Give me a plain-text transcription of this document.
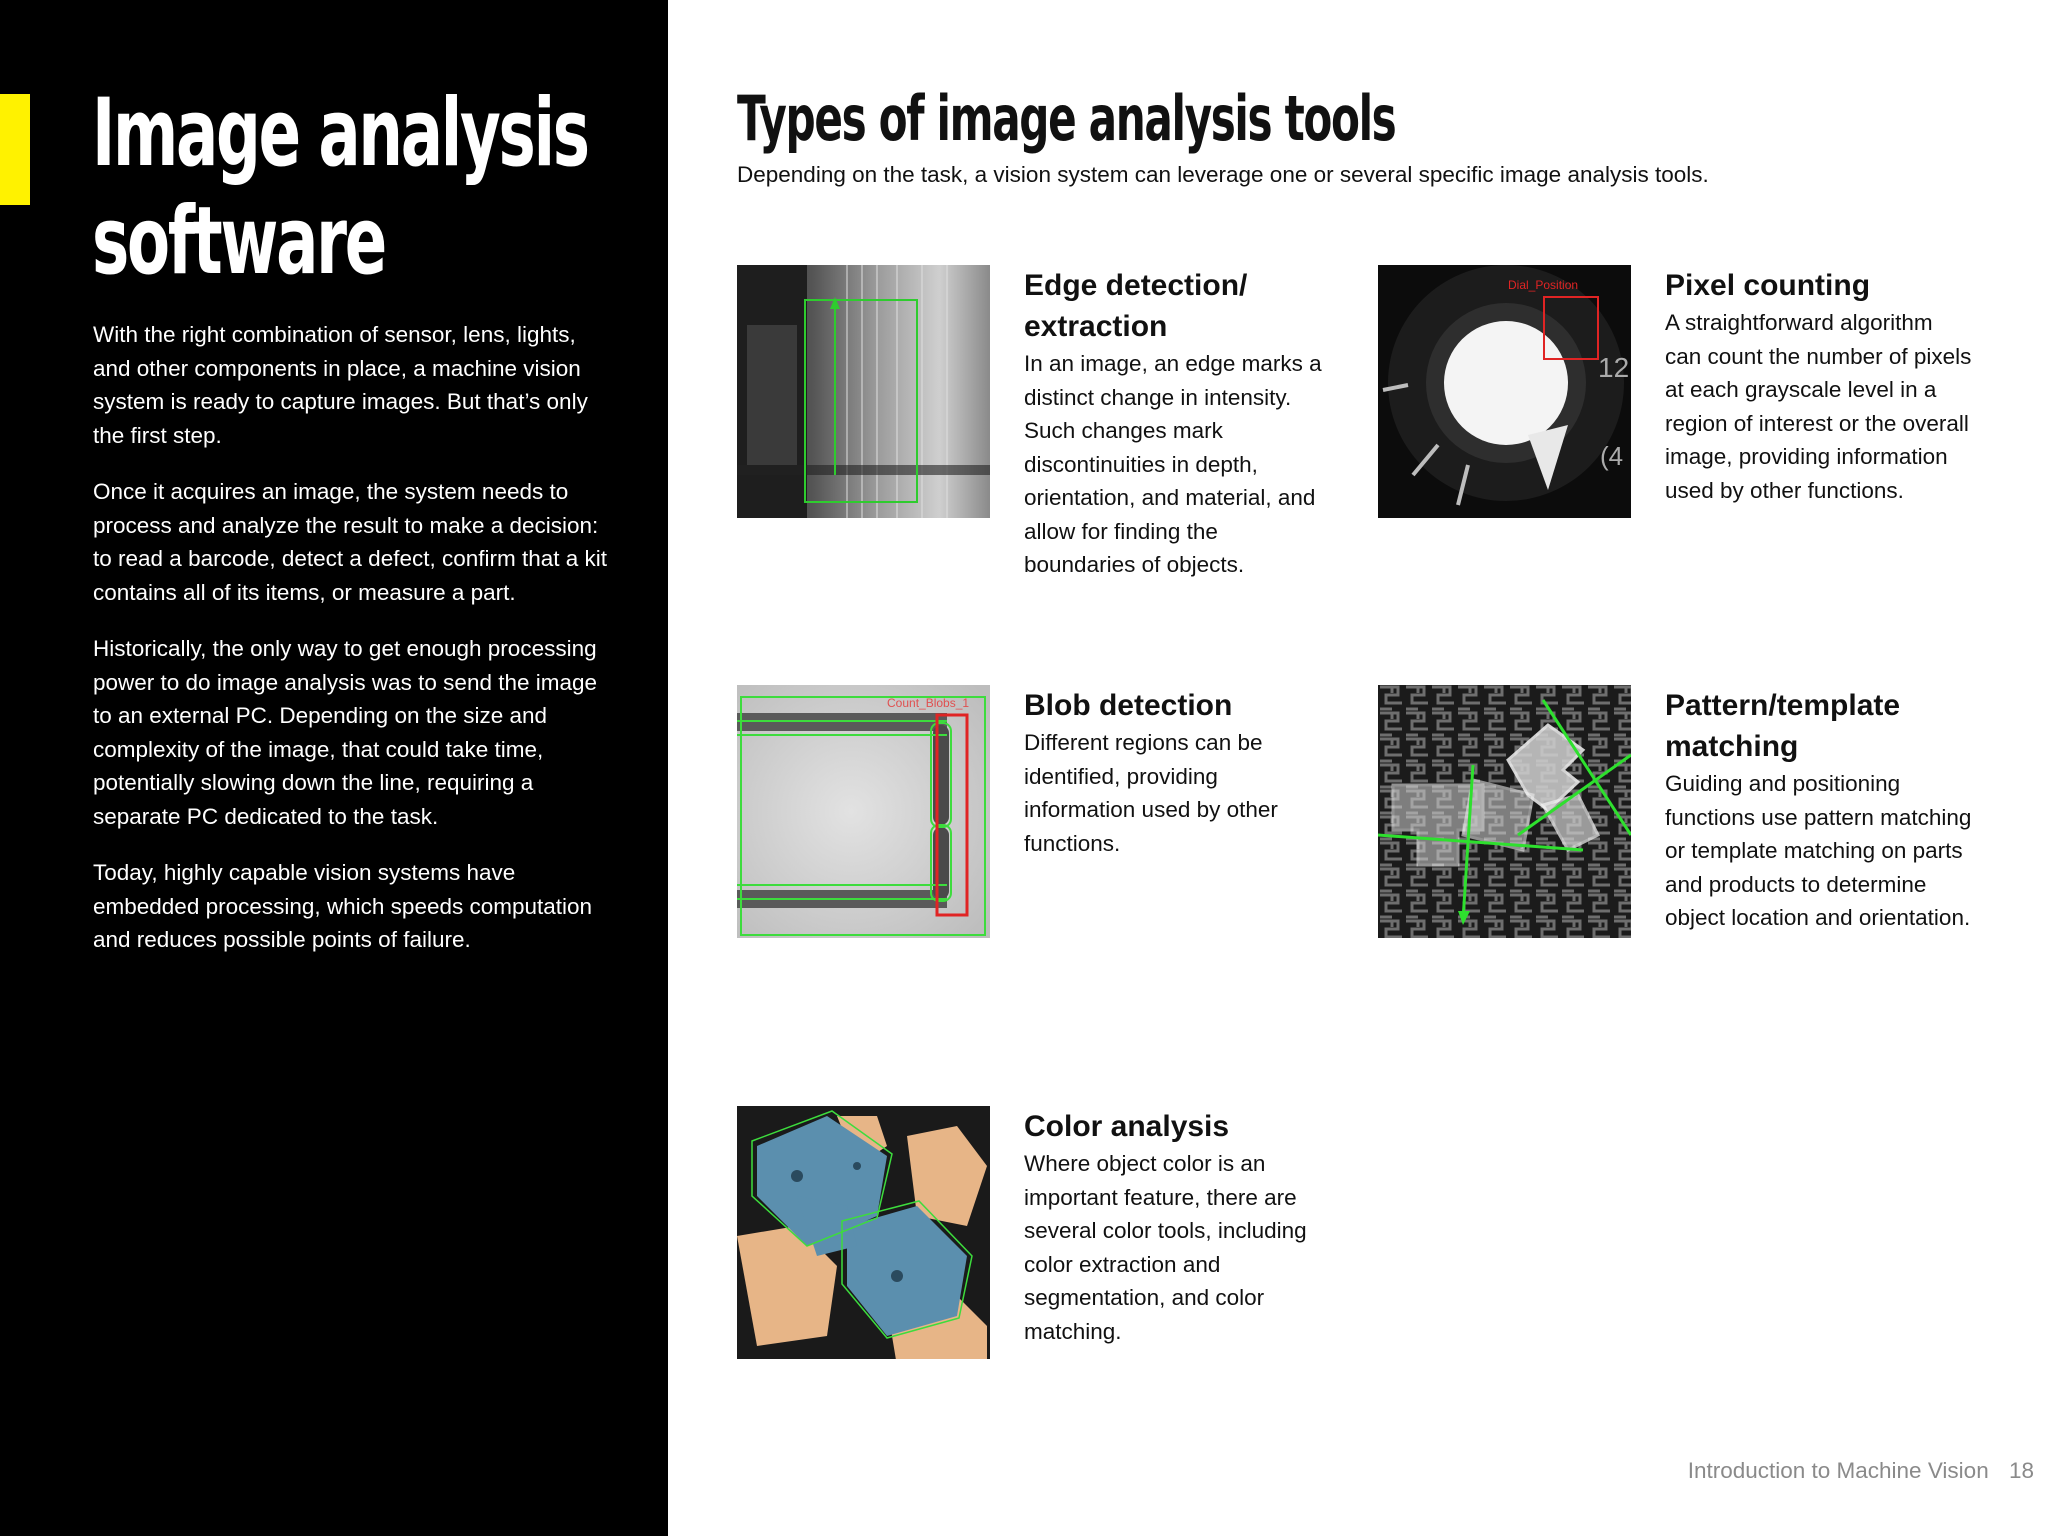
Image analysis
software

With the right combination of sensor, lens, lights, and other components in place, a machine vision system is ready to capture images. But that’s only the first step.

Once it acquires an image, the system needs to process and analyze the result to make a decision: to read a barcode, detect a defect, confirm that a kit contains all of its items, or measure a part.

Historically, the only way to get enough processing power to do image analysis was to send the image to an external PC. Depending on the size and complexity of the image, that could take time, potentially slowing down the line, requiring a separate PC dedicated to the task.

Today, highly capable vision systems have embedded processing, which speeds computation and reduces possible points of failure.

Types of image analysis tools

Depending on the task, a vision system can leverage one or several specific image analysis tools.

Edge detection/ extraction

In an image, an edge marks a distinct change in intensity. Such changes mark discontinuities in depth, orientation, and material, and allow for finding the boundaries of objects.

12
(4
Dial_Position	Pixel counting

A straightforward algorithm can count the number of pixels at each grayscale level in a region of interest or the overall image, providing information used by other functions.

Count_Blobs_1 Blob detection

Different regions can be identified, providing information used by other functions.

Pattern/template matching

Guiding and positioning functions use pattern matching or template matching on parts and products to determine object location and orientation.

Color analysis

Where object color is an important feature, there are several color tools, including color extraction and segmentation, and color matching.

Introduction to Machine Vision 18
